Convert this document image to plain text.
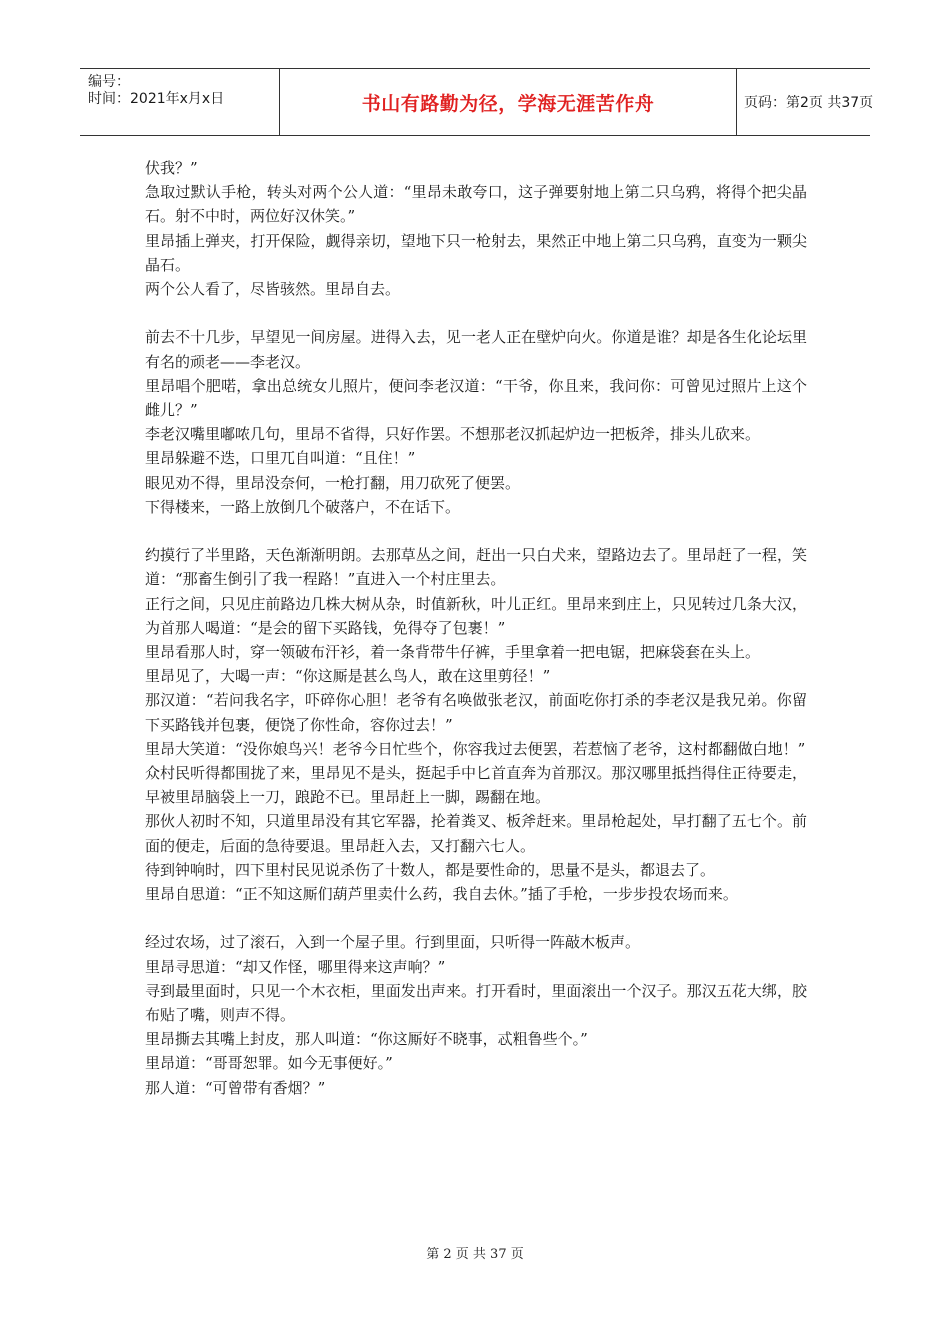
编号：
时间：2021年x月x日	书山有路勤为径，学海无涯苦作舟	页码：第2页 共37页

伏我？”

急取过默认手枪，转头对两个公人道：“里昂未敢夸口，这子弹要射地上第二只乌鸦，将得个把尖晶石。射不中时，两位好汉休笑。”

里昂插上弹夹，打开保险，觑得亲切，望地下只一枪射去，果然正中地上第二只乌鸦，直变为一颗尖晶石。

两个公人看了，尽皆骇然。里昂自去。

前去不十几步，早望见一间房屋。进得入去，见一老人正在壁炉向火。你道是谁？却是各生化论坛里有名的顽老——李老汉。

里昂唱个肥喏，拿出总统女儿照片，便问李老汉道：“干爷，你且来，我问你：可曾见过照片上这个雌儿？”

李老汉嘴里嘟哝几句，里昂不省得，只好作罢。不想那老汉抓起炉边一把板斧，排头儿砍来。

里昂躲避不迭，口里兀自叫道：“且住！”

眼见劝不得，里昂没奈何，一枪打翻，用刀砍死了便罢。

下得楼来，一路上放倒几个破落户，不在话下。

约摸行了半里路，天色渐渐明朗。去那草丛之间，赶出一只白犬来，望路边去了。里昂赶了一程，笑道：“那畜生倒引了我一程路！”直进入一个村庄里去。

正行之间，只见庄前路边几株大树从杂，时值新秋，叶儿正红。里昂来到庄上，只见转过几条大汉，为首那人喝道：“是会的留下买路钱，免得夺了包裹！”

里昂看那人时，穿一领破布汗衫，着一条背带牛仔裤，手里拿着一把电锯，把麻袋套在头上。

里昂见了，大喝一声：“你这厮是甚么鸟人，敢在这里剪径！”

那汉道：“若问我名字，吓碎你心胆！老爷有名唤做张老汉，前面吃你打杀的李老汉是我兄弟。你留下买路钱并包裹，便饶了你性命，容你过去！”

里昂大笑道：“没你娘鸟兴！老爷今日忙些个，你容我过去便罢，若惹恼了老爷，这村都翻做白地！”

众村民听得都围拢了来，里昂见不是头，挺起手中匕首直奔为首那汉。那汉哪里抵挡得住正待要走，早被里昂脑袋上一刀，踉跄不已。里昂赶上一脚，踢翻在地。

那伙人初时不知，只道里昂没有其它军器，抡着粪叉、板斧赶来。里昂枪起处，早打翻了五七个。前面的便走，后面的急待要退。里昂赶入去，又打翻六七人。

待到钟响时，四下里村民见说杀伤了十数人，都是要性命的，思量不是头，都退去了。

里昂自思道：“正不知这厮们葫芦里卖什么药，我自去休。”插了手枪，一步步投农场而来。

经过农场，过了滚石，入到一个屋子里。行到里面，只听得一阵敲木板声。

里昂寻思道：“却又作怪，哪里得来这声响？”

寻到最里面时，只见一个木衣柜，里面发出声来。打开看时，里面滚出一个汉子。那汉五花大绑，胶布贴了嘴，则声不得。

里昂撕去其嘴上封皮，那人叫道：“你这厮好不晓事，忒粗鲁些个。”

里昂道：“哥哥恕罪。如今无事便好。”

那人道：“可曾带有香烟？”

第 2 页 共 37 页
